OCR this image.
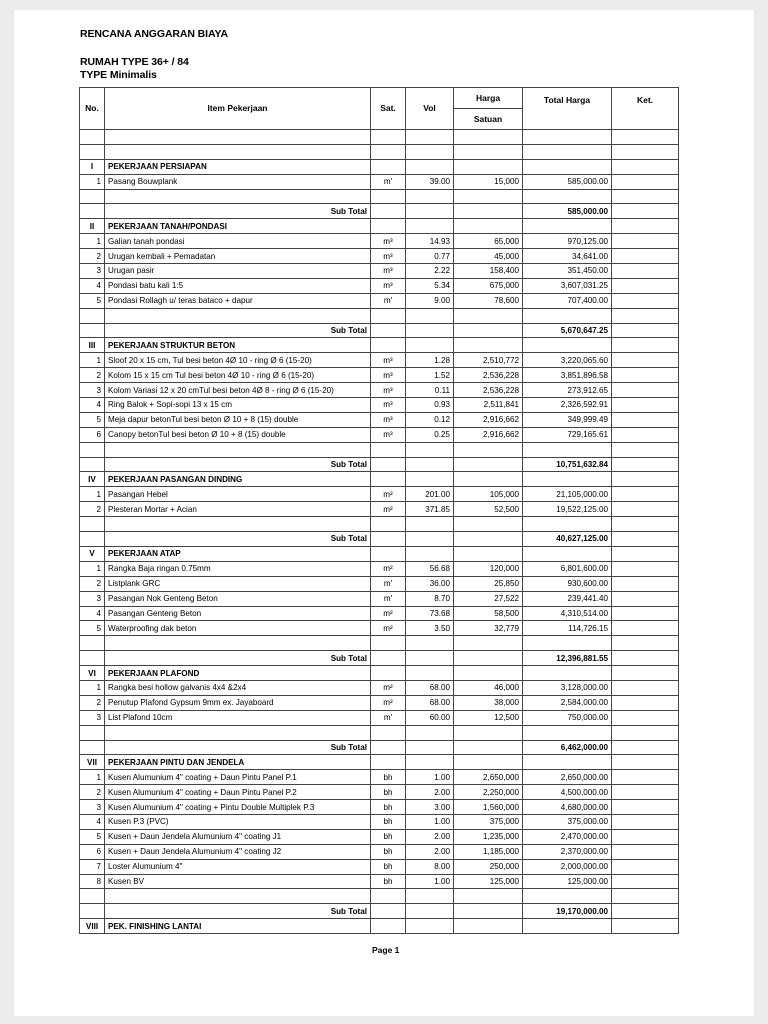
RENCANA ANGGARAN BIAYA
RUMAH TYPE 36+ / 84
TYPE Minimalis
No.	Item Pekerjaan	Sat.	Vol	Harga	Total Harga	Ket.
				Satuan		

I	PEKERJAAN PERSIAPAN					
1	Pasang Bouwplank	m'	39.00	15,000	585,000.00	

	Sub Total				585,000.00	
II	PEKERJAAN TANAH/PONDASI					
1	Galian tanah pondasi	m³	14.93	65,000	970,125.00	
2	Urugan kembali + Pemadatan	m³	0.77	45,000	34,641.00	
3	Urugan pasir	m³	2.22	158,400	351,450.00	
4	Pondasi batu kali 1:5	m³	5.34	675,000	3,607,031.25	
5	Pondasi Rollagh u/ teras bataco + dapur	m'	9.00	78,600	707,400.00	

	Sub Total				5,670,647.25	
III	PEKERJAAN STRUKTUR BETON					
1	Sloof 20 x 15 cm, Tul besi beton 4Ø 10 - ring Ø 6 (15-20)	m³	1.28	2,510,772	3,220,065.60	
2	Kolom 15 x 15 cm Tul besi beton 4Ø 10 - ring Ø 6 (15-20)	m³	1.52	2,536,228	3,851,896.58	
3	Kolom Variasi 12 x 20 cmTul besi beton 4Ø 8 - ring Ø 6 (15-20)	m³	0.11	2,536,228	273,912.65	
4	Ring Balok + Sopi-sopi 13 x 15 cm	m³	0.93	2,511,841	2,326,592.91	
5	Meja dapur betonTul besi beton Ø 10 + 8 (15) double	m³	0.12	2,916,662	349,999.49	
6	Canopy betonTul besi beton Ø 10 + 8 (15) double	m³	0.25	2,916,662	729,165.61	

	Sub Total				10,751,632.84	
IV	PEKERJAAN PASANGAN DINDING					
1	Pasangan Hebel	m²	201.00	105,000	21,105,000.00	
2	Plesteran Mortar + Acian	m²	371.85	52,500	19,522,125.00	

	Sub Total				40,627,125.00	
V	PEKERJAAN ATAP					
1	Rangka Baja ringan 0.75mm	m²	56.68	120,000	6,801,600.00	
2	Listplank GRC	m'	36.00	25,850	930,600.00	
3	Pasangan Nok Genteng Beton	m'	8.70	27,522	239,441.40	
4	Pasangan Genteng Beton	m²	73.68	58,500	4,310,514.00	
5	Waterproofing dak beton	m²	3.50	32,779	114,726.15	

	Sub Total				12,396,881.55	
VI	PEKERJAAN PLAFOND					
1	Rangka besi hollow galvanis 4x4 &2x4	m²	68.00	46,000	3,128,000.00	
2	Penutup Plafond Gypsum 9mm ex. Jayaboard	m²	68.00	38,000	2,584,000.00	
3	List Plafond 10cm	m'	60.00	12,500	750,000.00	

	Sub Total				6,462,000.00	
VII	PEKERJAAN PINTU DAN JENDELA					
1	Kusen Alumunium 4" coating + Daun Pintu Panel P.1	bh	1.00	2,650,000	2,650,000.00	
2	Kusen Alumunium 4" coating + Daun Pintu Panel P.2	bh	2.00	2,250,000	4,500,000.00	
3	Kusen Alumunium 4" coating + Pintu Double Multiplek P.3	bh	3.00	1,560,000	4,680,000.00	
4	Kusen P.3 (PVC)	bh	1.00	375,000	375,000.00	
5	Kusen + Daun Jendela Alumunium 4" coating J1	bh	2.00	1,235,000	2,470,000.00	
6	Kusen + Daun Jendela Alumunium 4" coating J2	bh	2.00	1,185,000	2,370,000.00	
7	Loster Alumunium 4"	bh	8.00	250,000	2,000,000.00	
8	Kusen BV	bh	1.00	125,000	125,000.00	

	Sub Total				19,170,000.00	
VIII	PEK. FINISHING LANTAI					
Page 1
